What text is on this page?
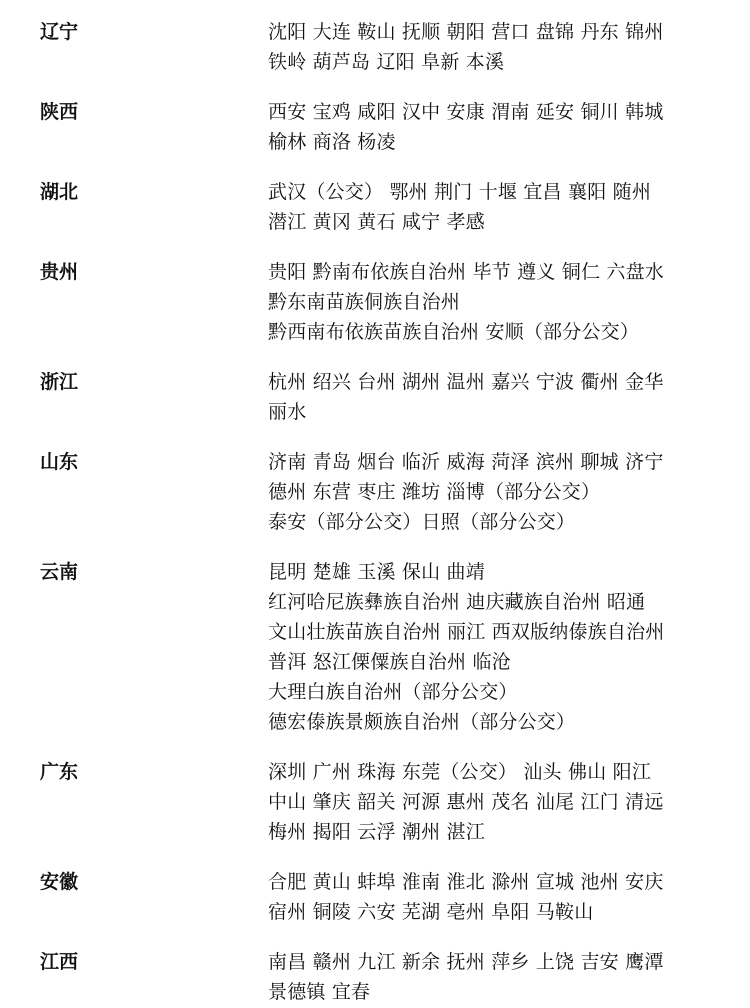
辽宁	沈阳 大连 鞍山 抚顺 朝阳 营口 盘锦 丹东 锦州
铁岭 葫芦岛 辽阳 阜新 本溪
陕西	西安 宝鸡 咸阳 汉中 安康 渭南 延安 铜川 韩城
榆林 商洛 杨凌
湖北	武汉（公交） 鄂州 荆门 十堰 宜昌 襄阳 随州
潜江 黄冈 黄石 咸宁 孝感
贵州	贵阳 黔南布依族自治州 毕节 遵义 铜仁 六盘水
黔东南苗族侗族自治州
黔西南布依族苗族自治州 安顺（部分公交）
浙江	杭州 绍兴 台州 湖州 温州 嘉兴 宁波 衢州 金华
丽水
山东	济南 青岛 烟台 临沂 威海 菏泽 滨州 聊城 济宁
德州 东营 枣庄 潍坊 淄博（部分公交）
泰安（部分公交）日照（部分公交）
云南	昆明 楚雄 玉溪 保山 曲靖
红河哈尼族彝族自治州 迪庆藏族自治州 昭通
文山壮族苗族自治州 丽江 西双版纳傣族自治州
普洱 怒江傈僳族自治州 临沧
大理白族自治州（部分公交）
德宏傣族景颇族自治州（部分公交）
广东	深圳 广州 珠海 东莞（公交） 汕头 佛山 阳江
中山 肇庆 韶关 河源 惠州 茂名 汕尾 江门 清远
梅州 揭阳 云浮 潮州 湛江
安徽	合肥 黄山 蚌埠 淮南 淮北 滁州 宣城 池州 安庆
宿州 铜陵 六安 芜湖 亳州 阜阳 马鞍山
江西	南昌 赣州 九江 新余 抚州 萍乡 上饶 吉安 鹰潭
景德镇 宜春
